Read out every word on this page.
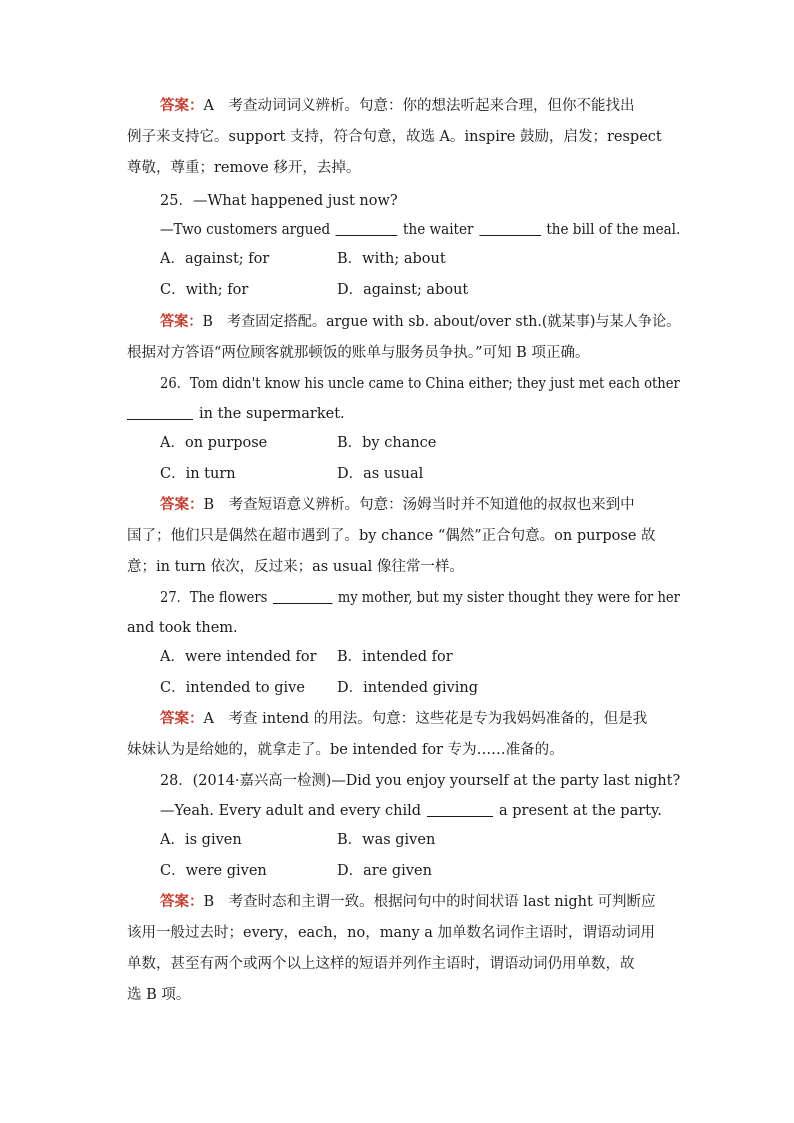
答案：A　考查动词词义辨析。句意：你的想法听起来合理，但你不能找出
例子来支持它。support 支持，符合句意，故选 A。inspire 鼓励，启发；respect
尊敬，尊重；remove 移开，去掉。
25．—What happened just now?
—Two customers argued	the waiter	the bill of the meal.
A．against; for	B．with; about
C．with; for	D．against; about
答案：B　考查固定搭配。argue with sb. about/over sth.(就某事)与某人争论。
根据对方答语“两位顾客就那顿饭的账单与服务员争执。”可知 B 项正确。
26．Tom didn't know his uncle came to China either; they just met each other
in the supermarket.
A．on purpose	B．by chance
C．in turn	D．as usual
答案：B　考查短语意义辨析。句意：汤姆当时并不知道他的叔叔也来到中
国了；他们只是偶然在超市遇到了。by chance “偶然”正合句意。on purpose 故
意；in turn 依次，反过来；as usual 像往常一样。
27．The flowers	my mother, but my sister thought they were for her
and took them.
A．were intended for B．intended for
C．intended to give D．intended giving
答案：A　考查 intend 的用法。句意：这些花是专为我妈妈准备的，但是我
妹妹认为是给她的，就拿走了。be intended for 专为……准备的。
28．(2014·嘉兴高一检测)—Did you enjoy yourself at the party last night?
—Yeah. Every adult and every child	a present at the party.
A．is given	B．was given
C．were given	D．are given
答案：B　考查时态和主谓一致。根据问句中的时间状语 last night 可判断应
该用一般过去时；every，each，no，many a 加单数名词作主语时，谓语动词用
单数，甚至有两个或两个以上这样的短语并列作主语时，谓语动词仍用单数，故
选 B 项。
